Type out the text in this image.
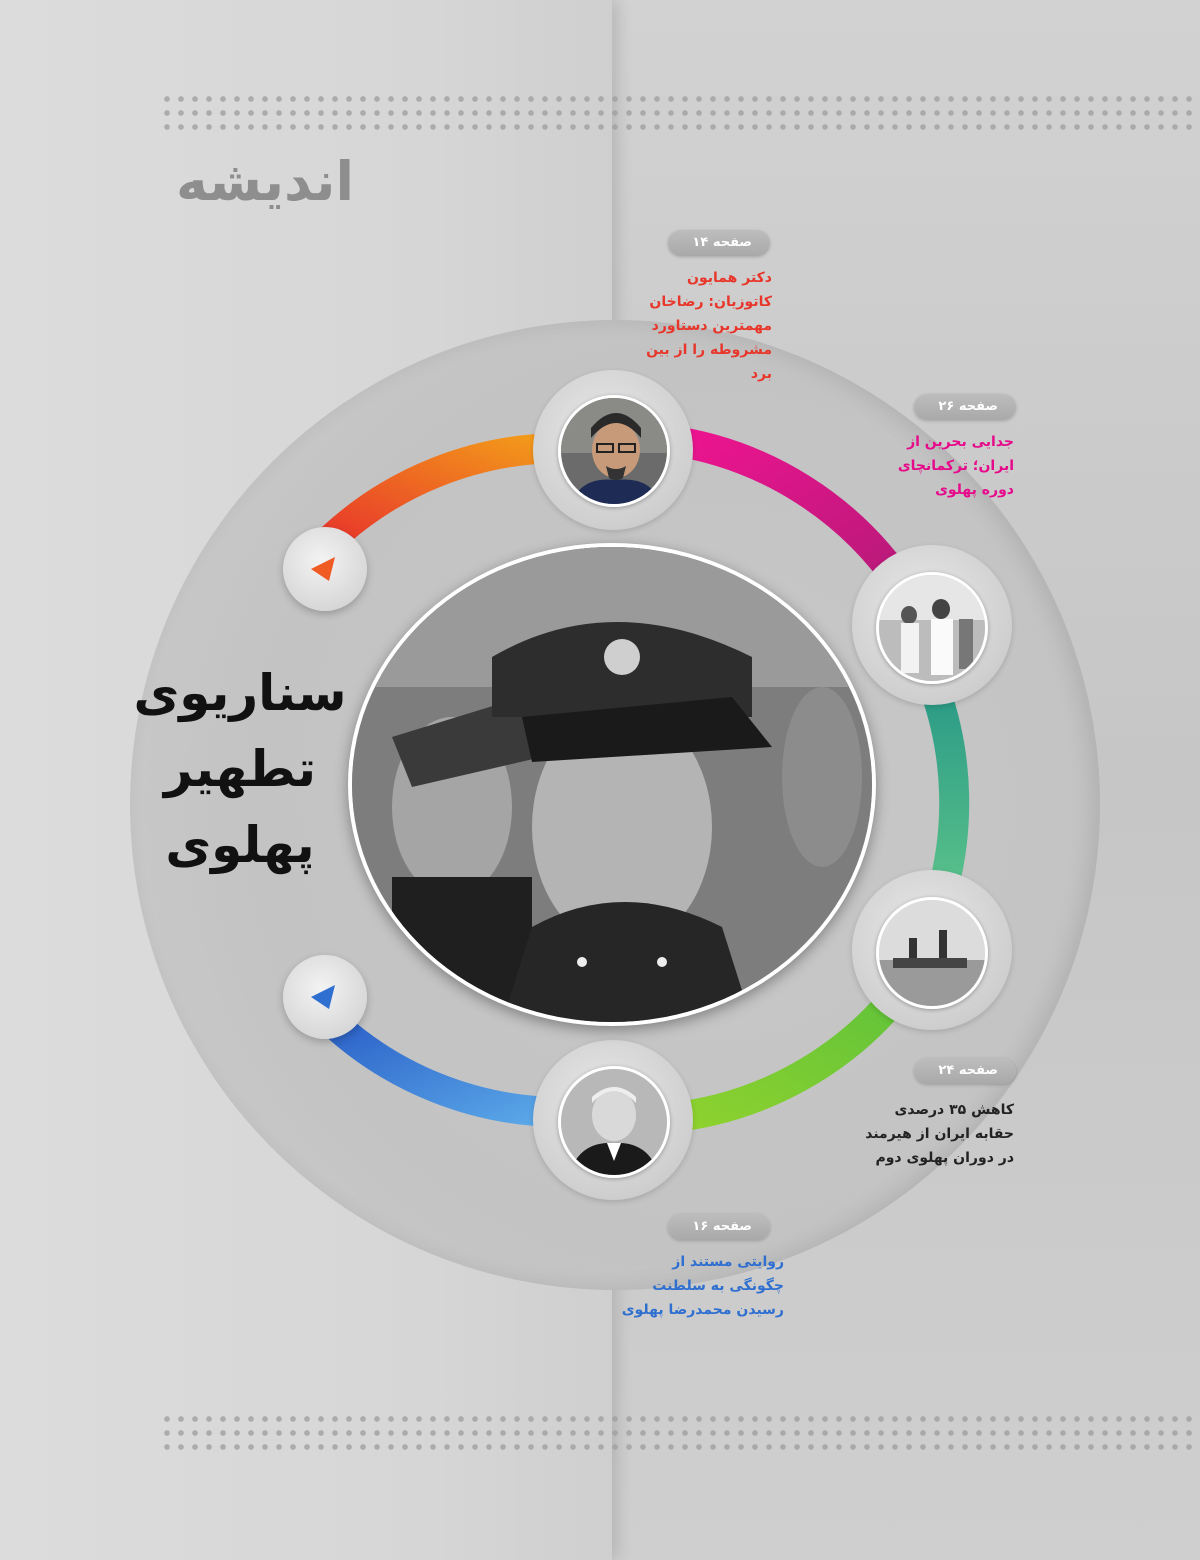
اندیشه
سناریوی
تطهیر
پهلوی
صفحه ۱۴
دکتر همایون
کاتوزیان: رضاخان
مهمترین دستاورد
مشروطه را از بین
برد
صفحه ۲۶
جدایی بحرین از
ایران؛ ترکمانچای
دوره پهلوی
صفحه ۲۴
کاهش ۳۵ درصدی
حقابه ایران از هیرمند
در دوران پهلوی دوم
صفحه ۱۶
روایتی مستند از
چگونگی به سلطنت
رسیدن محمدرضا پهلوی
